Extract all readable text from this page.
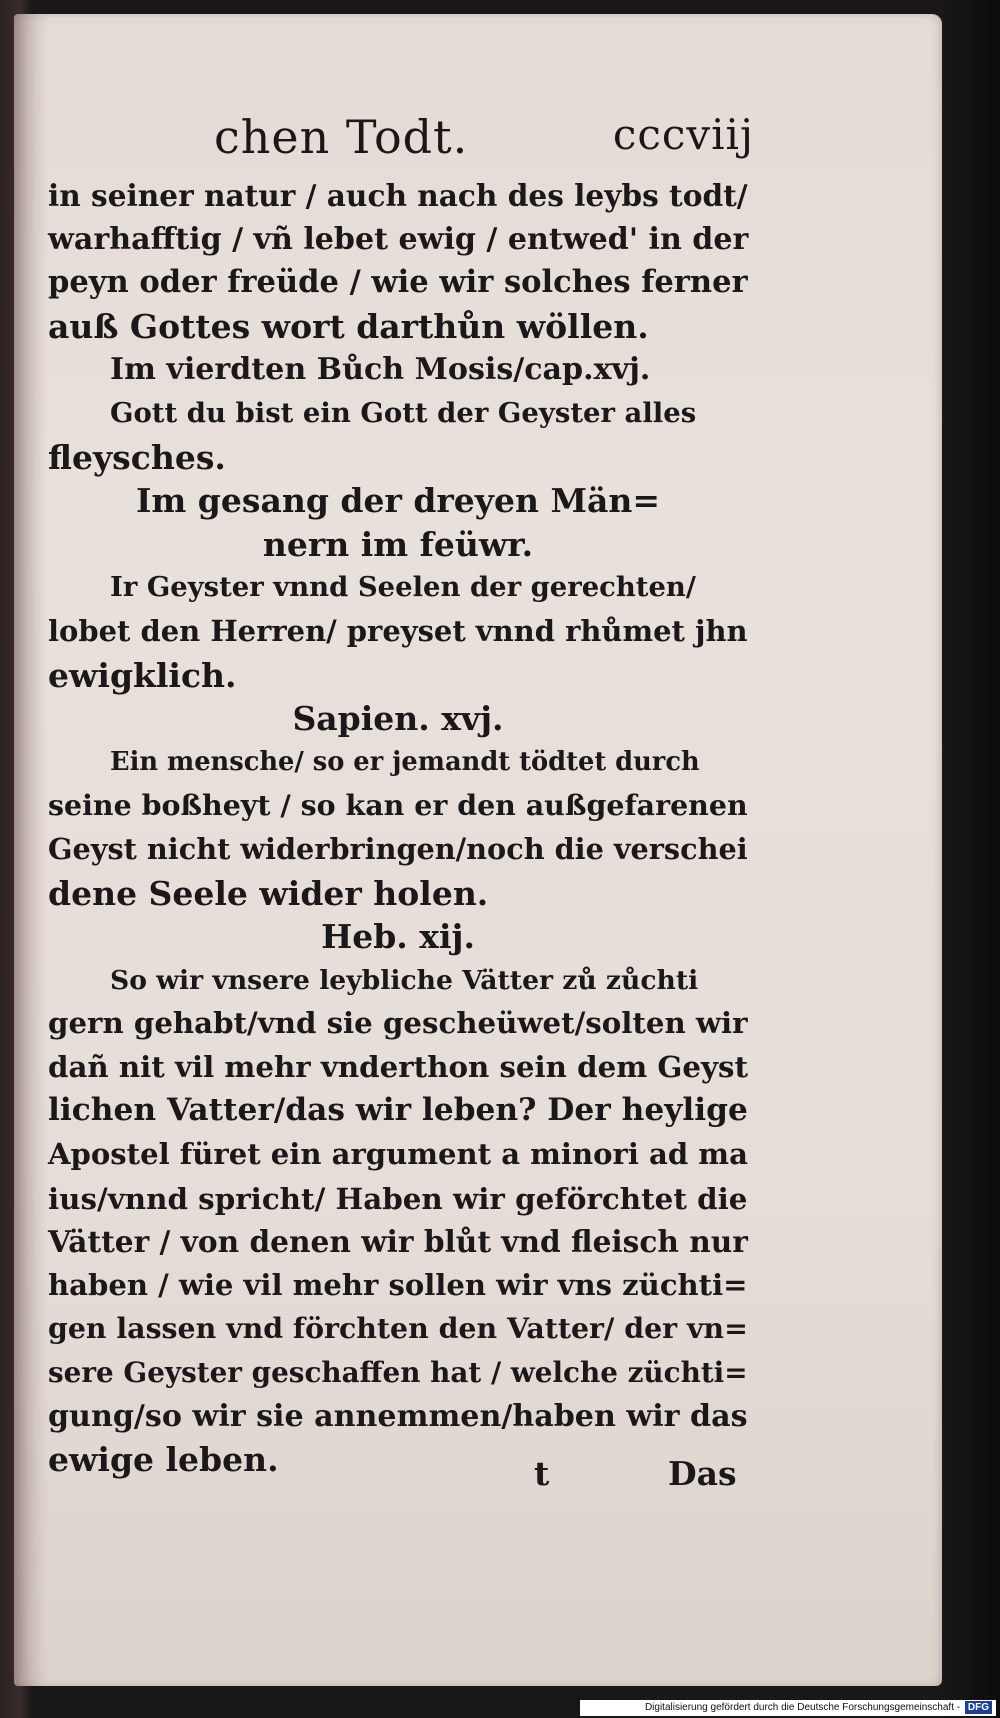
chen Todt.	cccviij
in seiner natur / auch nach des leybs todt/
warhafftig / vñ lebet ewig / entwed' in der
peyn oder freüde / wie wir solches ferner
auß Gottes wort darthůn wöllen.
Im vierdten Bůch Mosis/cap.xvj.
Gott du bist ein Gott der Geyster alles
fleysches.
Im gesang der dreyen Män=
nern im feüwr.
Ir Geyster vnnd Seelen der gerechten/
lobet den Herren/ preyset vnnd rhůmet jhn
ewigklich.
Sapien. xvj.
Ein mensche/ so er jemandt tödtet durch
seine boßheyt / so kan er den außgefarenen
Geyst nicht widerbringen/noch die verschei
dene Seele wider holen.
Heb. xij.
So wir vnsere leybliche Vätter zů zůchti
gern gehabt/vnd sie gescheüwet/solten wir
dañ nit vil mehr vnderthon sein dem Geyst
lichen Vatter/das wir leben? Der heylige
Apostel füret ein argument a minori ad ma
ius/vnnd spricht/ Haben wir geförchtet die
Vätter / von denen wir blůt vnd fleisch nur
haben / wie vil mehr sollen wir vns züchti=
gen lassen vnd förchten den Vatter/ der vn=
sere Geyster geschaffen hat / welche züchti=
gung/so wir sie annemmen/haben wir das
ewige leben.	t	Das
Digitalisierung gefördert durch die Deutsche Forschungsgemeinschaft - DFG
